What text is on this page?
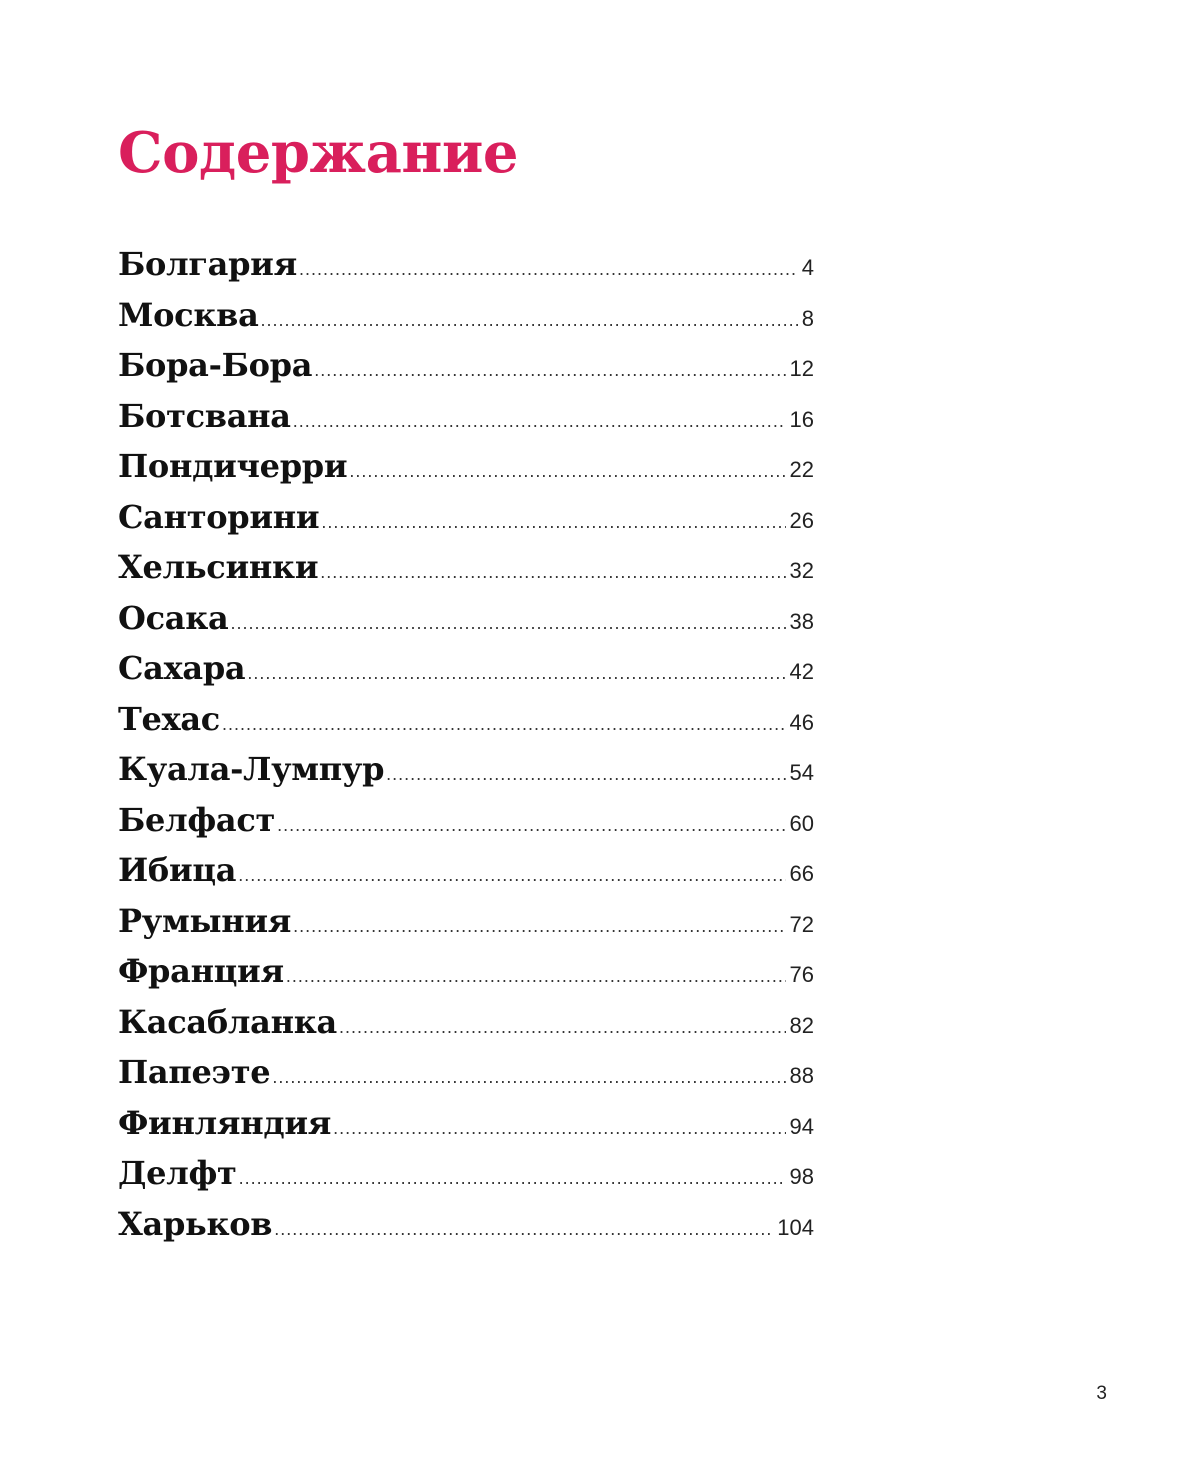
Содержание
Болгария .....	4
Москва .....	8
Бора-Бора .....	12
Ботсвана .....	16
Пондичерри .....	22
Санторини .....	26
Хельсинки .....	32
Осака .....	38
Сахара .....	42
Техас .....	46
Куала-Лумпур .....	54
Белфаст .....	60
Ибица .....	66
Румыния .....	72
Франция .....	76
Касабланка .....	82
Папеэте .....	88
Финляндия .....	94
Делфт .....	98
Харьков .....	104
3
